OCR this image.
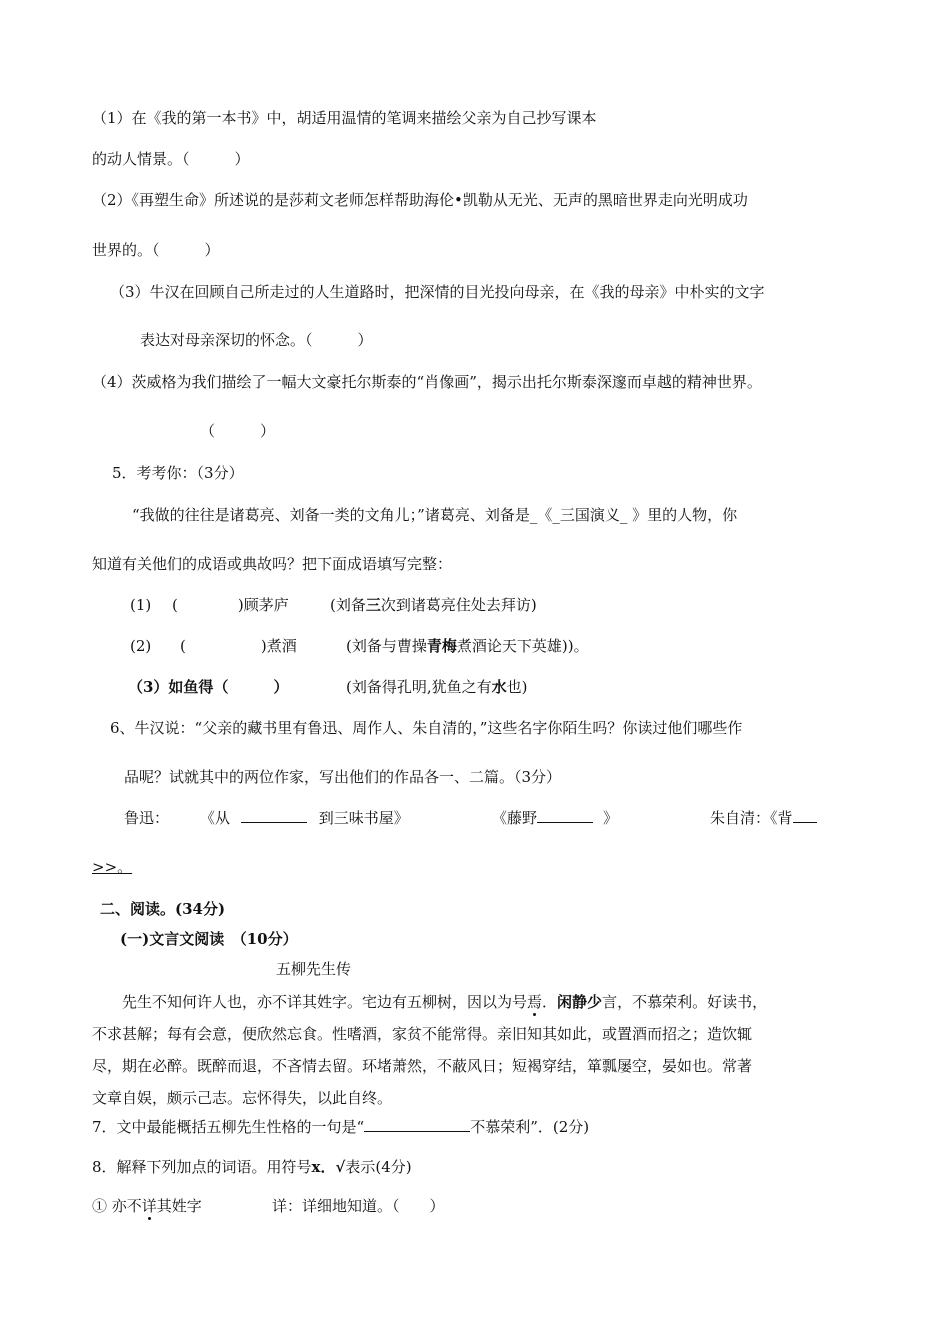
（1）在《我的第一本书》中，胡适用温情的笔调来描绘父亲为自己抄写课本
的动人情景。（　　　）
（2）《再塑生命》所述说的是莎莉文老师怎样帮助海伦•凯勒从无光、无声的黑暗世界走向光明成功
世界的。（　　　）
（3）牛汉在回顾自己所走过的人生道路时，把深情的目光投向母亲，在《我的母亲》中朴实的文字
表达对母亲深切的怀念。（　　　）
（4）茨威格为我们描绘了一幅大文豪托尔斯泰的“肖像画”，揭示出托尔斯泰深邃而卓越的精神世界。
（　　　）
5．考考你：（3分）
“我做的往往是诸葛亮、刘备一类的文角儿；”诸葛亮、刘备是_《_三国演义_ 》里的人物，你
知道有关他们的成语或典故吗？把下面成语填写完整：
(1) (　　　　)顾茅庐	(刘备三次到诸葛亮住处去拜访)
(2) (　　　　　)煮酒	(刘备与曹操青梅煮酒论天下英雄))。
（3）如鱼得（　　　）	(刘备得孔明,犹鱼之有水也)
6、牛汉说：“父亲的藏书里有鲁迅、周作人、朱自清的，”这些名字你陌生吗？你读过他们哪些作
品呢？试就其中的两位作家，写出他们的作品各一、二篇。（3分）
鲁迅： 《从	到三味书屋》	《藤野	》	朱自清：《背
>>。
二、阅读。(34分)
(一)文言文阅读　（10分）
五柳先生传
先生不知何许人也，亦不详其姓字。宅边有五柳树，因以为号焉．闲静少言，不慕荣利。好读书，
不求甚解；每有会意，便欣然忘食。性嗜酒，家贫不能常得。亲旧知其如此，或置酒而招之；造饮辄
尽，期在必醉。既醉而退，不吝情去留。环堵萧然，不蔽风日；短褐穿结，箪瓢屡空，晏如也。常著
文章自娱，颇示己志。忘怀得失，以此自终。
7．文中最能概括五柳先生性格的一句是“	不慕荣利”．(2分)
8．解释下列加点的词语。用符号x．√表示(4分)
① 亦不详其姓字	详：详细地知道。（　　）
